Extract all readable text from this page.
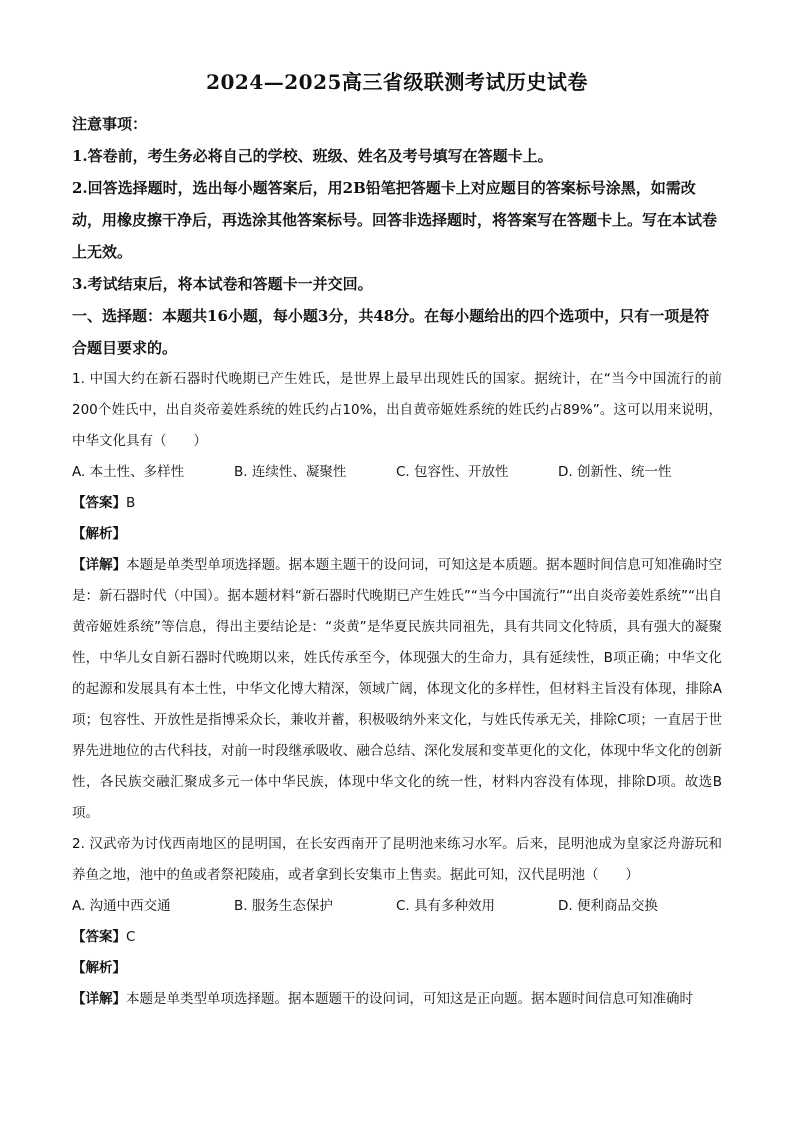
2024—2025高三省级联测考试历史试卷

注意事项：

1.答卷前，考生务必将自己的学校、班级、姓名及考号填写在答题卡上。

2.回答选择题时，选出每小题答案后，用2B铅笔把答题卡上对应题目的答案标号涂黑，如需改动，用橡皮擦干净后，再选涂其他答案标号。回答非选择题时，将答案写在答题卡上。写在本试卷上无效。

3.考试结束后，将本试卷和答题卡一并交回。

一、选择题：本题共16小题，每小题3分，共48分。在每小题给出的四个选项中，只有一项是符合题目要求的。

1. 中国大约在新石器时代晚期已产生姓氏，是世界上最早出现姓氏的国家。据统计，在“当今中国流行的前200个姓氏中，出自炎帝姜姓系统的姓氏约占10%，出自黄帝姬姓系统的姓氏约占89%”。这可以用来说明，中华文化具有（　　）

A. 本土性、多样性	B. 连续性、凝聚性	C. 包容性、开放性	D. 创新性、统一性

【答案】B

【解析】

【详解】本题是单类型单项选择题。据本题主题干的设问词，可知这是本质题。据本题时间信息可知准确时空是：新石器时代（中国）。据本题材料“新石器时代晚期已产生姓氏”“当今中国流行”“出自炎帝姜姓系统”“出自黄帝姬姓系统”等信息，得出主要结论是：“炎黄”是华夏民族共同祖先，具有共同文化特质，具有强大的凝聚性，中华儿女自新石器时代晚期以来，姓氏传承至今，体现强大的生命力，具有延续性，B项正确；中华文化的起源和发展具有本土性，中华文化博大精深，领域广阔，体现文化的多样性，但材料主旨没有体现，排除A项；包容性、开放性是指博采众长，兼收并蓄，积极吸纳外来文化，与姓氏传承无关，排除C项；一直居于世界先进地位的古代科技，对前一时段继承吸收、融合总结、深化发展和变革更化的文化，体现中华文化的创新性，各民族交融汇聚成多元一体中华民族，体现中华文化的统一性，材料内容没有体现，排除D项。故选B项。

2. 汉武帝为讨伐西南地区的昆明国，在长安西南开了昆明池来练习水军。后来，昆明池成为皇家泛舟游玩和养鱼之地，池中的鱼或者祭祀陵庙，或者拿到长安集市上售卖。据此可知，汉代昆明池（　　）

A. 沟通中西交通	B. 服务生态保护	C. 具有多种效用	D. 便利商品交换

【答案】C

【解析】

【详解】本题是单类型单项选择题。据本题题干的设问词，可知这是正向题。据本题时间信息可知准确时
